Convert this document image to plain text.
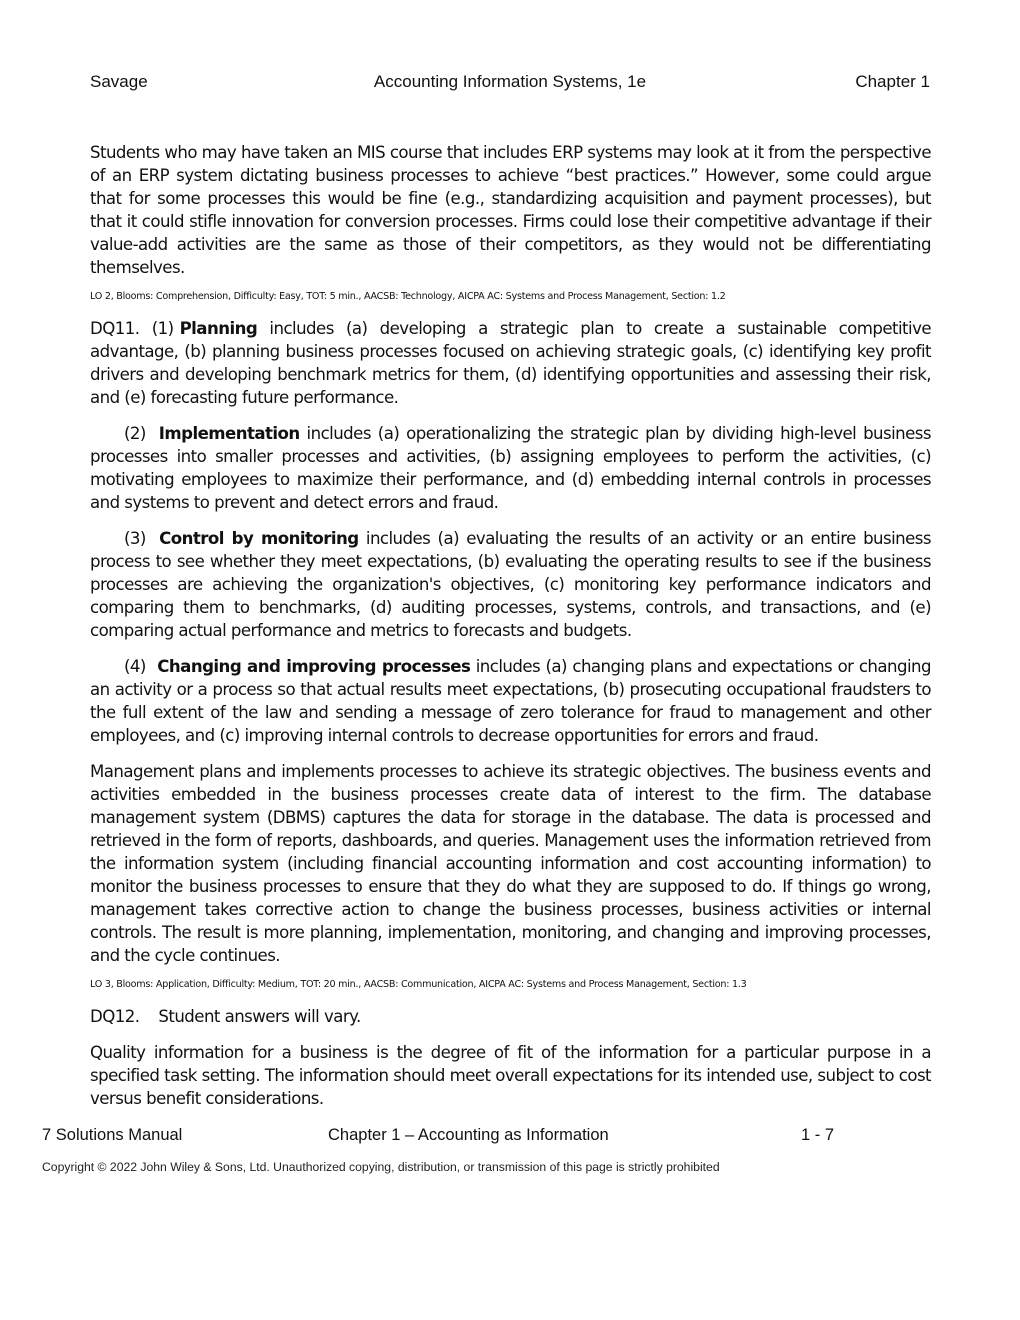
Savage	Accounting Information Systems, 1e	Chapter 1

Students who may have taken an MIS course that includes ERP systems may look at it from the perspective of an ERP system dictating business processes to achieve “best practices.” However, some could argue that for some processes this would be fine (e.g., standardizing acquisition and payment processes), but that it could stifle innovation for conversion processes. Firms could lose their competitive advantage if their value-add activities are the same as those of their competitors, as they would not be differentiating themselves.

LO 2, Blooms: Comprehension, Difficulty: Easy, TOT: 5 min., AACSB: Technology, AICPA AC: Systems and Process Management, Section: 1.2

DQ11. (1) Planning includes (a) developing a strategic plan to create a sustainable competitive advantage, (b) planning business processes focused on achieving strategic goals, (c) identifying key profit drivers and developing benchmark metrics for them, (d) identifying opportunities and assessing their risk, and (e) forecasting future performance.

(2) Implementation includes (a) operationalizing the strategic plan by dividing high-level business processes into smaller processes and activities, (b) assigning employees to perform the activities, (c) motivating employees to maximize their performance, and (d) embedding internal controls in processes and systems to prevent and detect errors and fraud.

(3) Control by monitoring includes (a) evaluating the results of an activity or an entire business process to see whether they meet expectations, (b) evaluating the operating results to see if the business processes are achieving the organization's objectives, (c) monitoring key performance indicators and comparing them to benchmarks, (d) auditing processes, systems, controls, and transactions, and (e) comparing actual performance and metrics to forecasts and budgets.

(4) Changing and improving processes includes (a) changing plans and expectations or changing an activity or a process so that actual results meet expectations, (b) prosecuting occupational fraudsters to the full extent of the law and sending a message of zero tolerance for fraud to management and other employees, and (c) improving internal controls to decrease opportunities for errors and fraud.

Management plans and implements processes to achieve its strategic objectives. The business events and activities embedded in the business processes create data of interest to the firm. The database management system (DBMS) captures the data for storage in the database. The data is processed and retrieved in the form of reports, dashboards, and queries. Management uses the information retrieved from the information system (including financial accounting information and cost accounting information) to monitor the business processes to ensure that they do what they are supposed to do. If things go wrong, management takes corrective action to change the business processes, business activities or internal controls. The result is more planning, implementation, monitoring, and changing and improving processes, and the cycle continues.

LO 3, Blooms: Application, Difficulty: Medium, TOT: 20 min., AACSB: Communication, AICPA AC: Systems and Process Management, Section: 1.3

DQ12. Student answers will vary.

Quality information for a business is the degree of fit of the information for a particular purpose in a specified task setting. The information should meet overall expectations for its intended use, subject to cost versus benefit considerations.

7 Solutions Manual	Chapter 1 – Accounting as Information	1 - 7
Copyright © 2022 John Wiley & Sons, Ltd. Unauthorized copying, distribution, or transmission of this page is strictly prohibited
